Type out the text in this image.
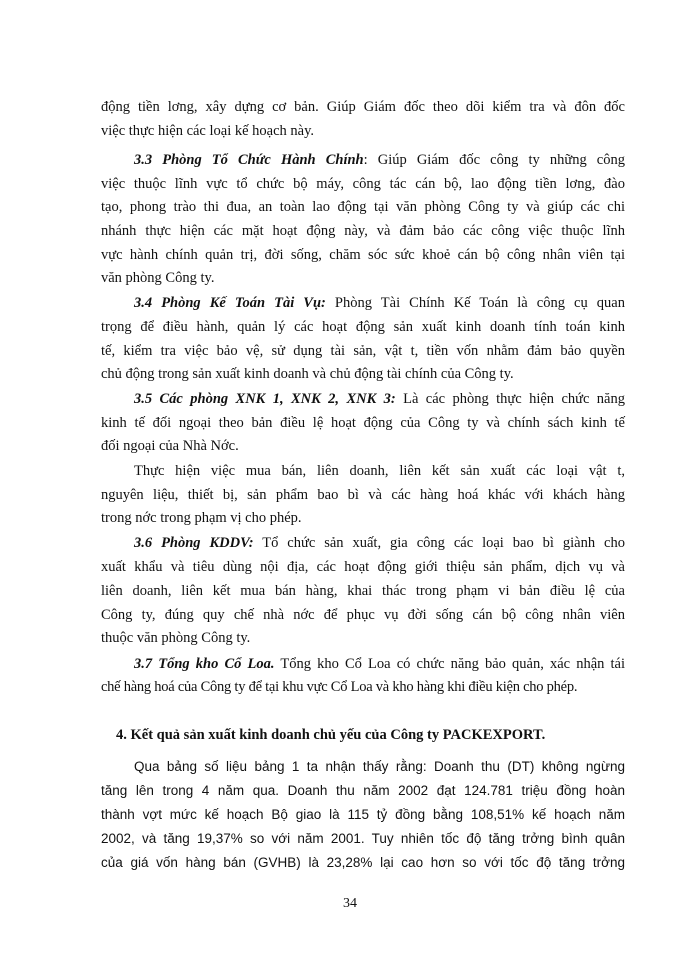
động tiền lơng, xây dựng cơ bản. Giúp Giám đốc theo dõi kiểm tra và đôn đốc
việc thực hiện các loại kế hoạch này.
3.3 Phòng Tổ Chức Hành Chính: Giúp Giám đốc công ty những công
việc thuộc lĩnh vực tổ chức bộ máy, công tác cán bộ, lao động tiền lơng, đào
tạo, phong trào thi đua, an toàn lao động tại văn phòng Công ty và giúp các chi
nhánh thực hiện các mặt hoạt động này, và đảm bảo các công việc thuộc lĩnh
vực hành chính quản trị, đời sống, chăm sóc sức khoẻ cán bộ công nhân viên tại
văn phòng Công ty.
3.4 Phòng Kế Toán Tài Vụ: Phòng Tài Chính Kế Toán là công cụ quan
trọng để điều hành, quản lý các hoạt động sản xuất kinh doanh tính toán kinh
tế, kiểm tra việc bảo vệ, sử dụng tài sản, vật t, tiền vốn nhằm đảm bảo quyền
chủ động trong sản xuất kinh doanh và chủ động tài chính của Công ty.
3.5 Các phòng XNK 1, XNK 2, XNK 3: Là các phòng thực hiện chức năng
kinh tế đối ngoại theo bản điều lệ hoạt động của Công ty và chính sách kinh tế
đối ngoại của Nhà Nớc.
Thực hiện việc mua bán, liên doanh, liên kết sản xuất các loại vật t,
nguyên liệu, thiết bị, sản phẩm bao bì và các hàng hoá khác với khách hàng
trong nớc trong phạm vị cho phép.
3.6 Phòng KDDV: Tổ chức sản xuất, gia công các loại bao bì giành cho
xuất khẩu và tiêu dùng nội địa, các hoạt động giới thiệu sản phẩm, dịch vụ và
liên doanh, liên kết mua bán hàng, khai thác trong phạm vi bản điều lệ của
Công ty, đúng quy chế nhà nớc để phục vụ đời sống cán bộ công nhân viên
thuộc văn phòng Công ty.
3.7 Tổng kho Cổ Loa. Tổng kho Cổ Loa có chức năng bảo quản, xác nhận tái
chế hàng hoá của Công ty để tại khu vực Cổ Loa và kho hàng khi điều kiện cho phép.
4. Kết quả sản xuất kinh doanh chủ yếu của Công ty PACKEXPORT.
Qua bảng số liệu bảng 1 ta nhận thấy rằng: Doanh thu (DT) không ngừng
tăng lên trong 4 năm qua. Doanh thu năm 2002 đạt 124.781 triệu đồng hoàn
thành vợt mức kế hoạch Bộ giao là 115 tỷ đồng bằng 108,51% kế hoạch năm
2002, và tăng 19,37% so với năm 2001. Tuy nhiên tốc độ tăng trởng bình quân
của giá vốn hàng bán (GVHB) là 23,28% lại cao hơn so với tốc độ tăng trởng
34
